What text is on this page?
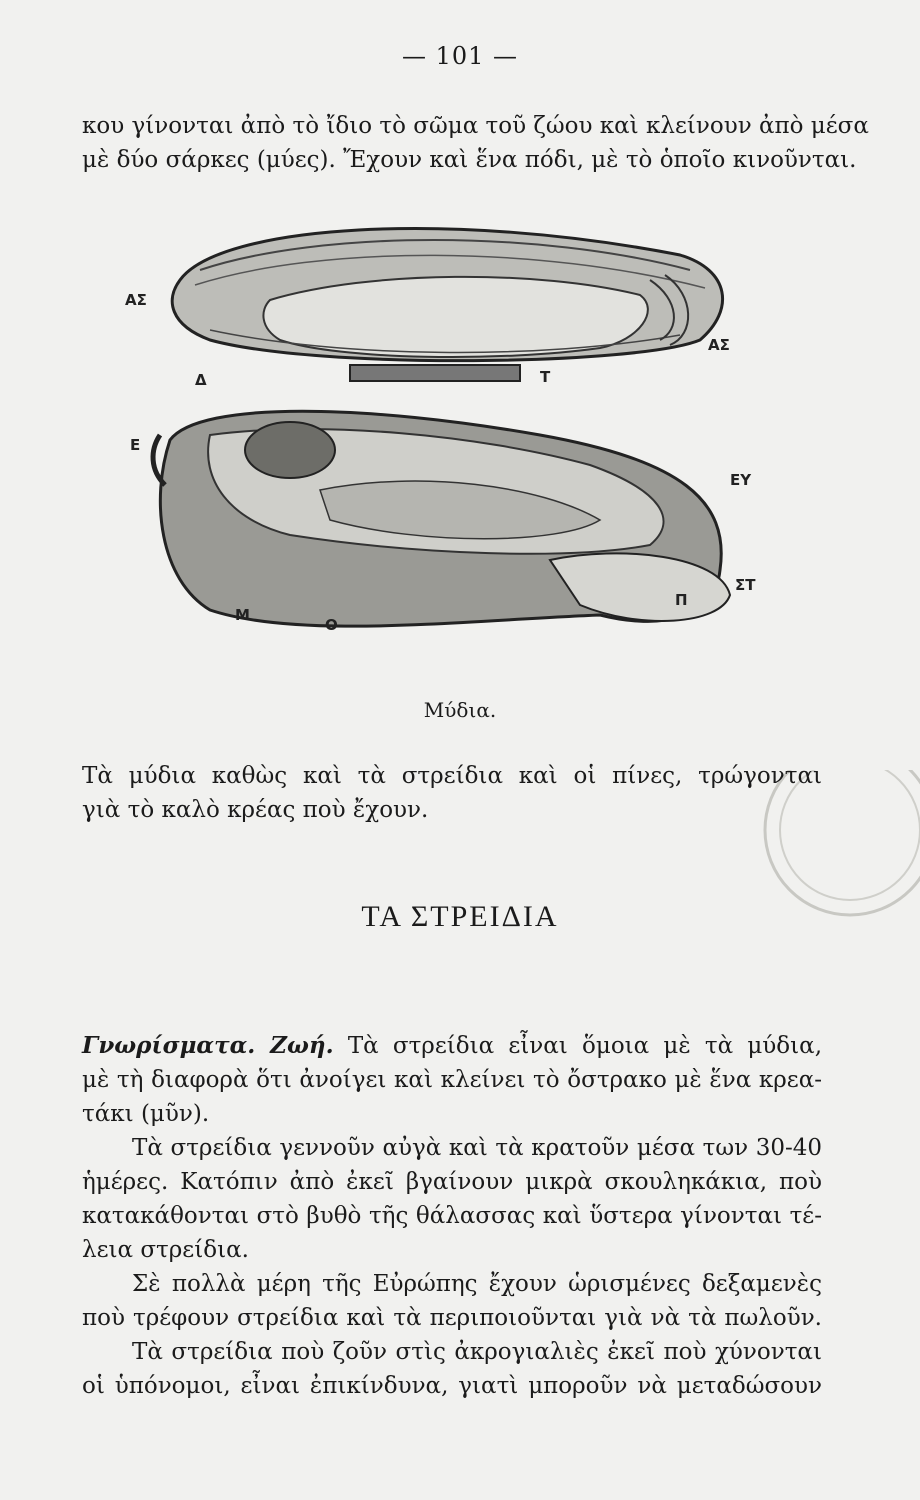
— 101 —
κου γίνονται ἀπὸ τὸ ἴδιο τὸ σῶμα τοῦ ζώου καὶ κλείνουν ἀπὸ μέσα
μὲ δύο σάρκες (μύες). Ἔχουν καὶ ἕνα πόδι, μὲ τὸ ὁποῖο κινοῦνται.
ΑΣ
ΑΣ
Τ
Δ
Ε
ΕΥ
ΣΤ
Π
Μ
Ο
Μύδια.
Τὰ μύδια καθὼς καὶ τὰ στρείδια καὶ οἱ πίνες, τρώγονται
γιὰ τὸ καλὸ κρέας ποὺ ἔχουν.
ΤΑ ΣΤΡΕΙΔΙΑ
Γνωρίσματα. Ζωή. Τὰ στρείδια εἶναι ὅμοια μὲ τὰ μύδια,
μὲ τὴ διαφορὰ ὅτι ἀνοίγει καὶ κλείνει τὸ ὄστρακο μὲ ἕνα κρεα-
τάκι (μῦν).
Τὰ στρείδια γεννοῦν αὐγὰ καὶ τὰ κρατοῦν μέσα των 30-40
ἡμέρες. Κατόπιν ἀπὸ ἐκεῖ βγαίνουν μικρὰ σκουληκάκια, ποὺ
κατακάθονται στὸ βυθὸ τῆς θάλασσας καὶ ὕστερα γίνονται τέ-
λεια στρείδια.
Σὲ πολλὰ μέρη τῆς Εὐρώπης ἔχουν ὡρισμένες δεξαμενὲς
ποὺ τρέφουν στρείδια καὶ τὰ περιποιοῦνται γιὰ νὰ τὰ πωλοῦν.
Τὰ στρείδια ποὺ ζοῦν στὶς ἀκρογιαλιὲς ἐκεῖ ποὺ χύνονται
οἱ ὑπόνομοι, εἶναι ἐπικίνδυνα, γιατὶ μποροῦν νὰ μεταδώσουν
